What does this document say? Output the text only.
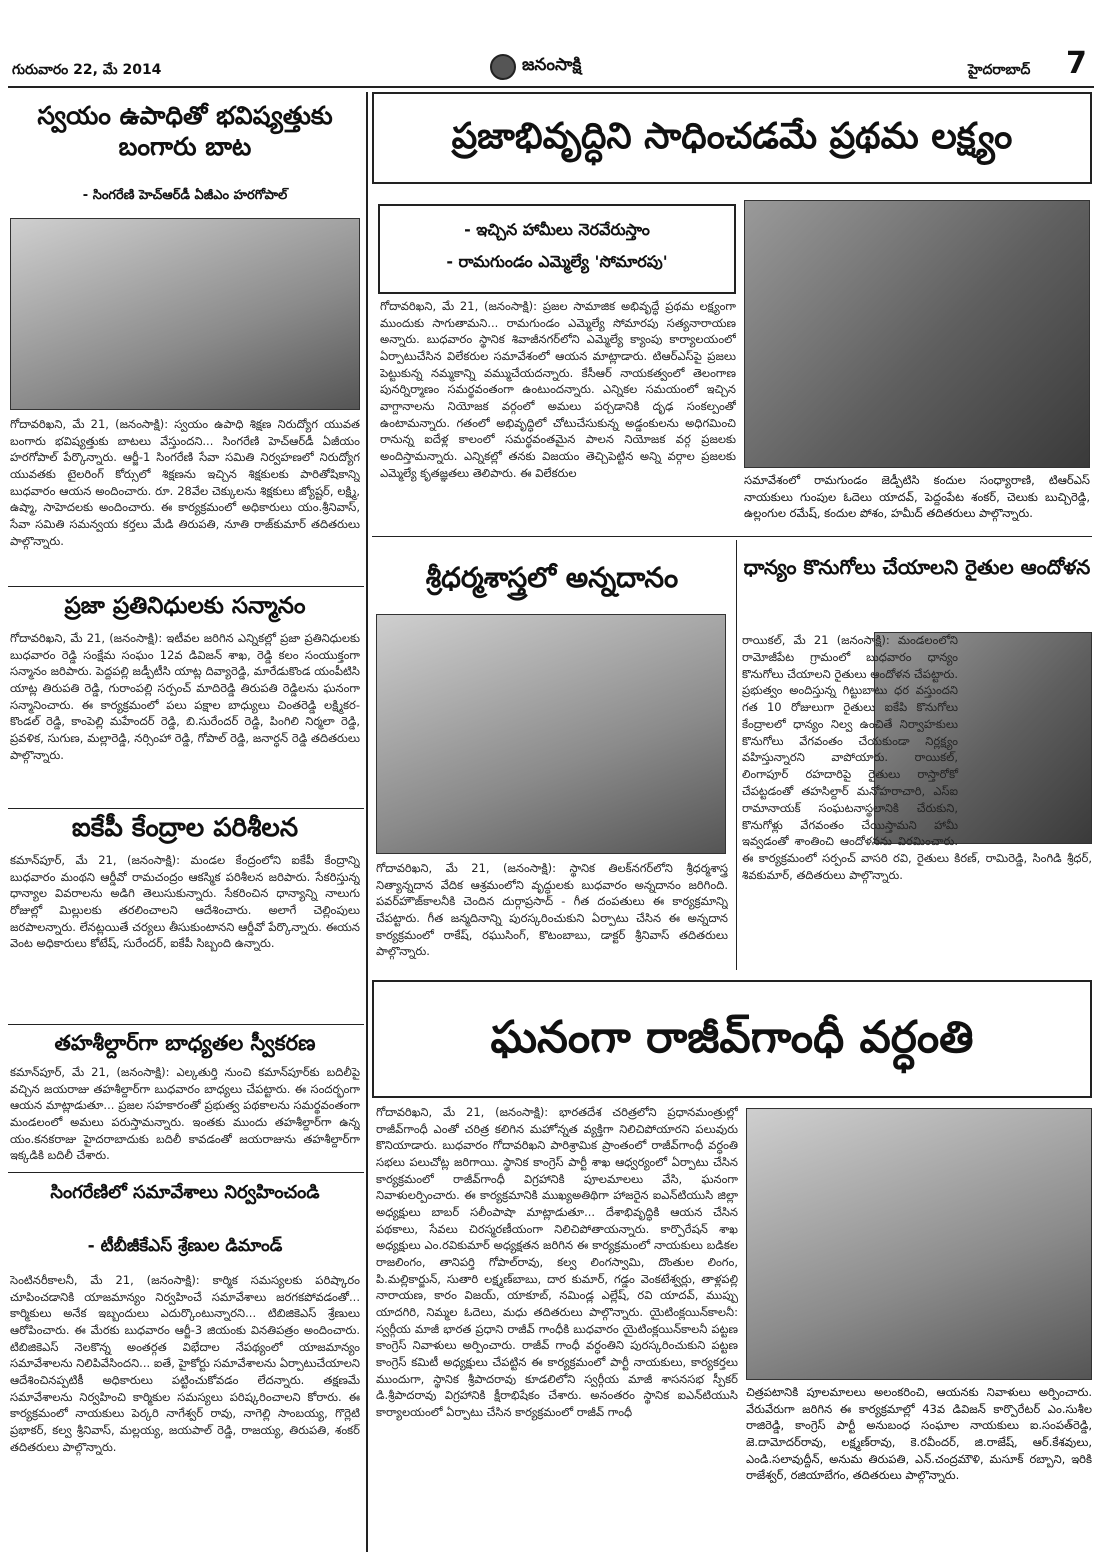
గురువారం 22, మే 2014	జనంసాక్షి	హైదరాబాద్ 7
స్వయం ఉపాధితో భవిష్యత్తుకు బంగారు బాట
- సింగరేణి హెచ్‌ఆర్‌డీ ఏజీఎం హరగోపాల్
గోదావరిఖని, మే 21, (జనంసాక్షి): స్వయం ఉపాధి శిక్షణ నిరుద్యోగ యువత బంగారు భవిష్యత్తుకు బాటలు వేస్తుందని... సింగరేణి హెచ్‌ఆర్‌డీ ఏజీయం హరగోపాల్ పేర్కొన్నారు. ఆర్జీ-1 సింగరేణి సేవా సమితి నిర్వహణలో నిరుద్యోగ యువతకు టైలరింగ్ కోర్సులో శిక్షణను ఇచ్చిన శిక్షకులకు పారితోషికాన్ని బుధవారం ఆయన అందించారు. రూ. 28వేల చెక్కులను శిక్షకులు జ్యోష్టర్, లక్ష్మి, ఉష్మా, సాహెదలకు అందించారు. ఈ కార్యక్రమంలో అధికారులు యం.శ్రీనివాస్, సేవా సమితి సమన్వయ కర్తలు మేడి తిరుపతి, నూతి రాజ్‌కుమార్ తదితరులు పాల్గొన్నారు.
ప్రజా ప్రతినిధులకు సన్మానం
గోదావరిఖని, మే 21, (జనంసాక్షి): ఇటీవల జరిగిన ఎన్నికల్లో ప్రజా ప్రతినిధులకు బుధవారం రెడ్డి సంక్షేమ సంఘం 12వ డివిజన్ శాఖ, రెడ్డి కలం సంయుక్తంగా సన్మానం జరిపారు. పెద్దపల్లి జడ్పీటీసి యాట్ల దివ్యారెడ్డి, మారేడుకొండ యంపీటిసి యాట్ల తిరుపతి రెడ్డి, గురాంపల్లి సర్పంచ్ మాదిరెడ్డి తిరుపతి రెడ్డిలను ఘనంగా సన్మానించారు. ఈ కార్యక్రమంలో పలు పక్షాల బాధ్యులు చింతరెడ్డి లక్ష్మికర-కొండల్ రెడ్డి, కాంపెల్లి మహేందర్ రెడ్డి, బి.సురేందర్ రెడ్డి, పింగిలి నిర్మలా రెడ్డి, ప్రవళిక, సుగుణ, మల్లారెడ్డి, నర్సింహా రెడ్డి, గోపాల్ రెడ్డి, జనార్ధన్ రెడ్డి తదితరులు పాల్గొన్నారు.
ఐకేపీ కేంద్రాల పరిశీలన
కమాన్‌పూర్, మే 21, (జనంసాక్షి): మండల కేంద్రంలోని ఐకేపీ కేంద్రాన్ని బుధవారం మంథని ఆర్డీవో రామచంద్రం ఆకస్మిక పరిశీలన జరిపారు. సేకరిస్తున్న ధాన్యాల వివరాలను అడిగి తెలుసుకున్నారు. సేకరించిన ధాన్యాన్ని నాలుగు రోజుల్లో మిల్లులకు తరలించాలని ఆదేశించారు. అలాగే చెల్లింపులు జరపాలన్నారు. లేనట్లయితే చర్యలు తీసుకుంటానని ఆర్డీవో పేర్కొన్నారు. ఈయన వెంట అధికారులు కోటేష్, సురేందర్, ఐకేపీ సిబ్బంది ఉన్నారు.
తహశీల్దార్‌గా బాధ్యతల స్వీకరణ
కమాన్‌పూర్, మే 21, (జనంసాక్షి): ఎల్కతుర్తి నుంచి కమాన్‌పూర్‌కు బదిలీపై వచ్చిన జయరాజు తహశీల్దార్‌గా బుధవారం బాధ్యలు చేపట్టారు. ఈ సందర్భంగా ఆయన మాట్లాడుతూ... ప్రజల సహకారంతో ప్రభుత్వ పథకాలను సమర్థవంతంగా మండలంలో అమలు పరుస్తామన్నారు. ఇంతకు ముందు తహశీల్దార్‌గా ఉన్న యం.కనకరాజు హైదరాబాదుకు బదిలీ కావడంతో జయరాజును తహశీల్దార్‌గా ఇక్కడికి బదిలీ చేశారు.
సింగరేణిలో సమావేశాలు నిర్వహించండి
- టీబీజీకేఎస్ శ్రేణుల డిమాండ్
సెంటినరీకాలనీ, మే 21, (జనంసాక్షి): కార్మిక సమస్యలకు పరిష్కారం చూపించడానికి యాజమాన్యం నిర్వహించే సమావేశాలు జరగకపోవడంతో... కార్మికులు అనేక ఇబ్బందులు ఎదుర్కొంటున్నారని... టిబిజికెఎస్ శ్రేణులు ఆరోపించారు. ఈ మేరకు బుధవారం ఆర్జీ-3 జియంకు వినతిపత్రం అందించారు. టిబిజికెఎస్ నెలకొన్న అంతర్గత విభేదాల నేపథ్యంలో యాజమాన్యం సమావేశాలను నిలిపివేసిందని... ఐతే, హైకోర్టు సమావేశాలను ఏర్పాటుచేయాలని ఆదేశించినప్పటికీ అధికారులు పట్టించుకోవడం లేదన్నారు. తక్షణమే సమావేశాలను నిర్వహించి కార్మికుల సమస్యలు పరిష్కరించాలని కోరారు. ఈ కార్యక్రమంలో నాయకులు పెర్కరి నాగేశ్వర్ రావు, నాగెల్లి సాంబయ్య, గొర్లెటి ప్రభాకర్, కల్వ శ్రీనివాస్, మల్లయ్య, జయపాల్ రెడ్డి, రాజయ్య, తిరుపతి, శంకర్ తదితరులు పాల్గొన్నారు.
ప్రజాభివృద్ధిని సాధించడమే ప్రథమ లక్ష్యం
- ఇచ్చిన హామీలు నెరవేరుస్తాం
- రామగుండం ఎమ్మెల్యే 'సోమారపు'
గోదావరిఖని, మే 21, (జనంసాక్షి): ప్రజల సామాజిక అభివృద్ధే ప్రథమ లక్ష్యంగా ముందుకు సాగుతామని... రామగుండం ఎమ్మెల్యే సోమారపు సత్యనారాయణ అన్నారు. బుధవారం స్థానిక శివాజీనగర్‌లోని ఎమ్మెల్యే క్యాంపు కార్యాలయంలో ఏర్పాటుచేసిన విలేకరుల సమావేశంలో ఆయన మాట్లాడారు. టిఆర్‌ఎస్‌పై ప్రజలు పెట్టుకున్న నమ్మకాన్ని వమ్ముచేయదన్నారు. కేసీఆర్ నాయకత్వంలో తెలంగాణ పునర్నిర్మాణం సమర్థవంతంగా ఉంటుందన్నారు. ఎన్నికల సమయంలో ఇచ్చిన వాగ్దానాలను నియోజక వర్గంలో అమలు పర్చడానికి దృఢ సంకల్పంతో ఉంటామన్నారు. గతంలో అభివృద్ధిలో చోటుచేసుకున్న అడ్డంకులను అధిగమించి రానున్న ఐదేళ్ల కాలంలో సమర్థవంతమైన పాలన నియోజక వర్గ ప్రజలకు అందిస్తామన్నారు. ఎన్నికల్లో తనకు విజయం తెచ్చిపెట్టిన అన్ని వర్గాల ప్రజలకు ఎమ్మెల్యే కృతజ్ఞతలు తెలిపారు. ఈ విలేకరుల
సమావేశంలో రామగుండం జెడ్పీటిసి కందుల సంధ్యారాణి, టిఆర్‌ఎస్ నాయకులు గుంపుల ఓదెలు యాదవ్, పెద్దంపేట శంకర్, చెలుకు బుచ్చిరెడ్డి, ఉల్లంగుల రమేష్, కందుల పోశం, హమీద్ తదితరులు పాల్గొన్నారు.
శ్రీధర్మశాస్త్రలో అన్నదానం
గోదావరిఖని, మే 21, (జనంసాక్షి): స్థానిక తిలక్‌నగర్‌లోని శ్రీధర్మశాస్త్ర నిత్యాన్నదాన వేదిక ఆశ్రమంలోని వృద్ధులకు బుధవారం అన్నదానం జరిగింది. పవర్‌హౌజ్‌కాలనీకి చెందిన దుర్గాప్రసాద్ - గీత దంపతులు ఈ కార్యక్రమాన్ని చేపట్టారు. గీత జన్మదినాన్ని పురస్కరించుకుని ఏర్పాటు చేసిన ఈ అన్నదాన కార్యక్రమంలో రాకేష్, రఘుసింగ్, కొటంబాబు, డాక్టర్ శ్రీనివాస్ తదితరులు పాల్గొన్నారు.
ధాన్యం కొనుగోలు చేయాలని రైతుల ఆందోళన
రాయికల్, మే 21 (జనంసాక్షి): మండలంలోని రామోజీపేట గ్రామంలో బుధవారం ధాన్యం కొనుగోలు చేయాలని రైతులు ఆందోళన చేపట్టారు. ప్రభుత్వం అందిస్తున్న గిట్టుబాటు ధర వస్తుందని గత 10 రోజులుగా రైతులు ఐకేపి కొనుగోలు కేంద్రాలలో ధాన్యం నిల్వ ఉంచితే నిర్వాహకులు కొనుగోలు వేగవంతం చేయకుండా నిర్లక్ష్యం వహిస్తున్నారని వాపోయారు. రాయికల్, లింగాపూర్ రహదారిపై రైతులు రాస్తారోకో చేపట్టడంతో తహసిల్దార్ మనోహరాచారి, ఎస్ఐ రామానాయక్ సంఘటనాస్థలానికి చేరుకుని, కొనుగోళ్లు వేగవంతం చేయిస్తామని హామీ ఇవ్వడంతో శాంతించి ఆందోళనను విరమించారు. ఈ కార్యక్రమంలో సర్పంచ్ వాసరి రవి, రైతులు కిరణ్, రామిరెడ్డి, సింగిడి శ్రీధర్, శివకుమార్, తదితరులు పాల్గొన్నారు.
ఘనంగా రాజీవ్‌గాంధీ వర్ధంతి
గోదావరిఖని, మే 21, (జనంసాక్షి): భారతదేశ చరిత్రలోని ప్రధానమంత్రుల్లో రాజీవ్‌గాంధీ ఎంతో చరిత్ర కలిగిన మహోన్నత వ్యక్తిగా నిలిచిపోయారని పలువురు కొనియాడారు. బుధవారం గోదావరిఖని పారిశ్రామిక ప్రాంతంలో రాజీవ్‌గాంధీ వర్ధంతి సభలు పలుచోట్ల జరిగాయి. స్థానిక కాంగ్రెస్ పార్టీ శాఖ ఆధ్వర్యంలో ఏర్పాటు చేసిన కార్యక్రమంలో రాజీవ్‌గాంధీ విగ్రహానికి పూలమాలలు వేసి, ఘనంగా నివాళులర్పించారు. ఈ కార్యక్రమానికి ముఖ్యఅతిథిగా హాజరైన ఐఎన్‌టియుసి జిల్లా అధ్యక్షులు బాబర్ సలీంపాషా మాట్లాడుతూ... దేశాభివృద్ధికి ఆయన చేసిన పథకాలు, సేవలు చిరస్మరణీయంగా నిలిచిపోతాయన్నారు. కార్పొరేషన్ శాఖ అధ్యక్షులు ఎం.రవికుమార్ అధ్యక్షతన జరిగిన ఈ కార్యక్రమంలో నాయకులు బడికల రాజలింగం, తానిపర్తి గోపాల్‌రావు, కల్వ లింగస్వామి, దొంతుల లింగం, పి.మల్లికార్జున్, సుతారి లక్ష్మణ్‌బాబు, దార కుమార్, గడ్డం వెంకటేశ్వర్లు, తాళ్లపల్లి నారాయణ, కారం విజయ్, యాకూబ్, నమిండ్ల ఎల్లేష్, రవి యాదవ్, ముప్పు యాదగిరి, నిమ్మల ఓదెలు, మధు తదితరులు పాల్గొన్నారు. యైటింక్లయిన్‌కాలనీ: స్వర్గీయ మాజీ భారత ప్రధాని రాజీవ్ గాంధీకి బుధవారం యైటింక్లయిన్‌కాలనీ పట్టణ కాంగ్రెస్ నివాళులు అర్పించారు. రాజీవ్ గాంధీ వర్ధంతిని పురస్కరించుకుని పట్టణ కాంగ్రెస్ కమిటీ అధ్యక్షులు చేపట్టిన ఈ కార్యక్రమంలో పార్టీ నాయకులు, కార్యకర్తలు ముందుగా, స్థానిక శ్రీపాదరావు కూడలిలోని స్వర్గీయ మాజీ శాసనసభ స్పీకర్ డి.శ్రీపాదరావు విగ్రహానికి క్షీరాభిషేకం చేశారు. అనంతరం స్థానిక ఐఎన్‌టియుసి కార్యాలయంలో ఏర్పాటు చేసిన కార్యక్రమంలో రాజీవ్ గాంధీ
చిత్రపటానికి పూలమాలలు అలంకరించి, ఆయనకు నివాళులు అర్పించారు. వేరువేరుగా జరిగిన ఈ కార్యక్రమాల్లో 43వ డివిజన్ కార్పొరేటర్ ఎం.సుశీల రాజిరెడ్డి, కాంగ్రెస్ పార్టీ అనుబంధ సంఘాల నాయకులు ఐ.సంపత్‌రెడ్డి, జె.దామోదర్‌రావు, లక్ష్మణ్‌రావు, కె.రవీందర్, జి.రాజేష్, ఆర్.కేశవులు, ఎండి.సలావుద్దీన్, అనుమ తిరుపతి, ఎన్.చంద్రమౌళి, మసూక్ రబ్బాని, ఇరికి రాజేశ్వర్, రజియాబేగం, తదితరులు పాల్గొన్నారు.
